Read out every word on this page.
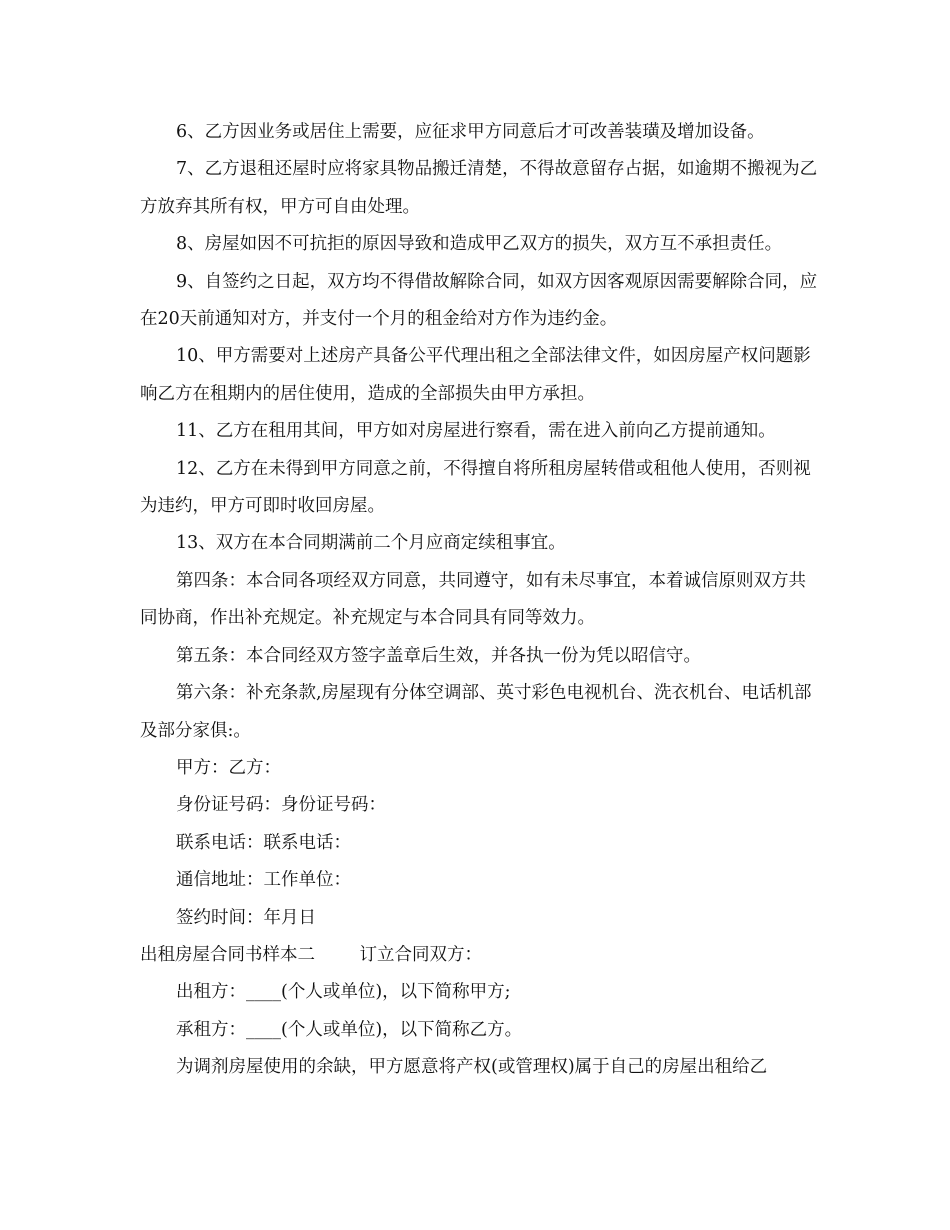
6、乙方因业务或居住上需要，应征求甲方同意后才可改善装璜及增加设备。

7、乙方退租还屋时应将家具物品搬迁清楚，不得故意留存占据，如逾期不搬视为乙方放弃其所有权，甲方可自由处理。

8、房屋如因不可抗拒的原因导致和造成甲乙双方的损失，双方互不承担责任。

9、自签约之日起，双方均不得借故解除合同，如双方因客观原因需要解除合同，应在20天前通知对方，并支付一个月的租金给对方作为违约金。

10、甲方需要对上述房产具备公平代理出租之全部法律文件，如因房屋产权问题影响乙方在租期内的居住使用，造成的全部损失由甲方承担。

11、乙方在租用其间，甲方如对房屋进行察看，需在进入前向乙方提前通知。

12、乙方在未得到甲方同意之前，不得擅自将所租房屋转借或租他人使用，否则视为违约，甲方可即时收回房屋。

13、双方在本合同期满前二个月应商定续租事宜。

第四条：本合同各项经双方同意，共同遵守，如有未尽事宜，本着诚信原则双方共同协商，作出补充规定。补充规定与本合同具有同等效力。

第五条：本合同经双方签字盖章后生效，并各执一份为凭以昭信守。

第六条：补充条款,房屋现有分体空调部、英寸彩色电视机台、洗衣机台、电话机部及部分家俱:。

甲方：乙方：

身份证号码：身份证号码：

联系电话：联系电话：

通信地址：工作单位：

签约时间：年月日

出租房屋合同书样本二	订立合同双方：

出租方：____(个人或单位)，以下简称甲方;

承租方：____(个人或单位)，以下简称乙方。

为调剂房屋使用的余缺，甲方愿意将产权(或管理权)属于自己的房屋出租给乙
